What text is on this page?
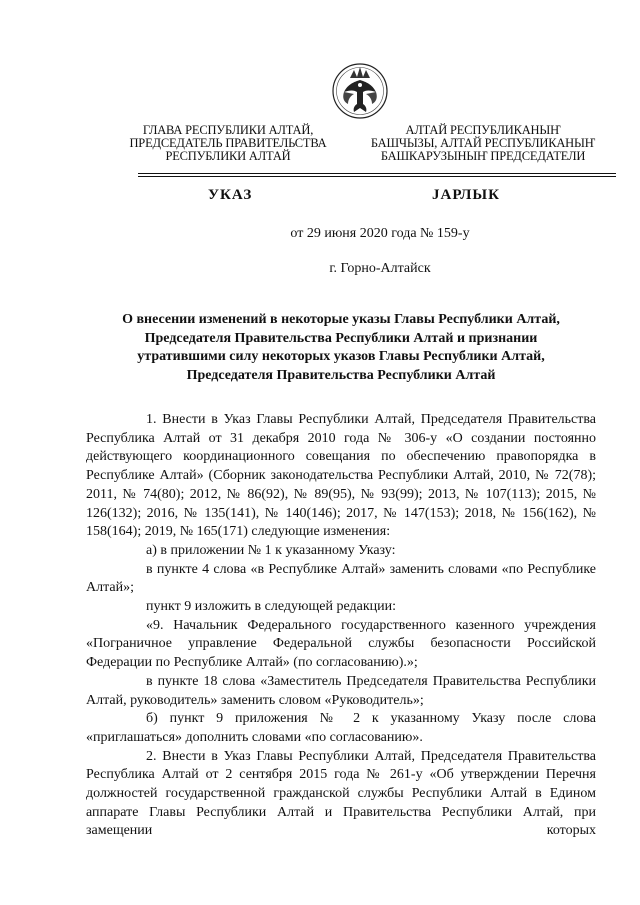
ГЛАВА РЕСПУБЛИКИ АЛТАЙ,
ПРЕДСЕДАТЕЛЬ ПРАВИТЕЛЬСТВА
РЕСПУБЛИКИ АЛТАЙ
АЛТАЙ РЕСПУБЛИКАНЫҤ
БАШЧЫЗЫ, АЛТАЙ РЕСПУБЛИКАНЫҤ
БАШКАРУЗЫНЫҤ ПРЕДСЕДАТЕЛИ
УКАЗ	ЈАРЛЫК
от 29 июня 2020 года № 159-у
г. Горно-Алтайск
О внесении изменений в некоторые указы Главы Республики Алтай,
Председателя Правительства Республики Алтай и признании
утратившими силу некоторых указов Главы Республики Алтай,
Председателя Правительства Республики Алтай

1. Внести в Указ Главы Республики Алтай, Председателя Правительства Республика Алтай от 31 декабря 2010 года № 306-у «О создании постоянно действующего координационного совещания по обеспечению правопорядка в Республике Алтай» (Сборник законодательства Республики Алтай, 2010, № 72(78); 2011, № 74(80); 2012, № 86(92), № 89(95), № 93(99); 2013, № 107(113); 2015, № 126(132); 2016, № 135(141), № 140(146); 2017, № 147(153); 2018, № 156(162), № 158(164); 2019, № 165(171) следующие изменения:

а) в приложении № 1 к указанному Указу:

в пункте 4 слова «в Республике Алтай» заменить словами «по Республике Алтай»;

пункт 9 изложить в следующей редакции:

«9. Начальник Федерального государственного казенного учреждения «Пограничное управление Федеральной службы безопасности Российской Федерации по Республике Алтай» (по согласованию).»;

в пункте 18 слова «Заместитель Председателя Правительства Республики Алтай, руководитель» заменить словом «Руководитель»;

б) пункт 9 приложения № 2 к указанному Указу после слова «приглашаться» дополнить словами «по согласованию».

2. Внести в Указ Главы Республики Алтай, Председателя Правительства Республика Алтай от 2 сентября 2015 года № 261-у «Об утверждении Перечня должностей государственной гражданской службы Республики Алтай в Едином аппарате Главы Республики Алтай и Правительства Республики Алтай, при замещении которых
